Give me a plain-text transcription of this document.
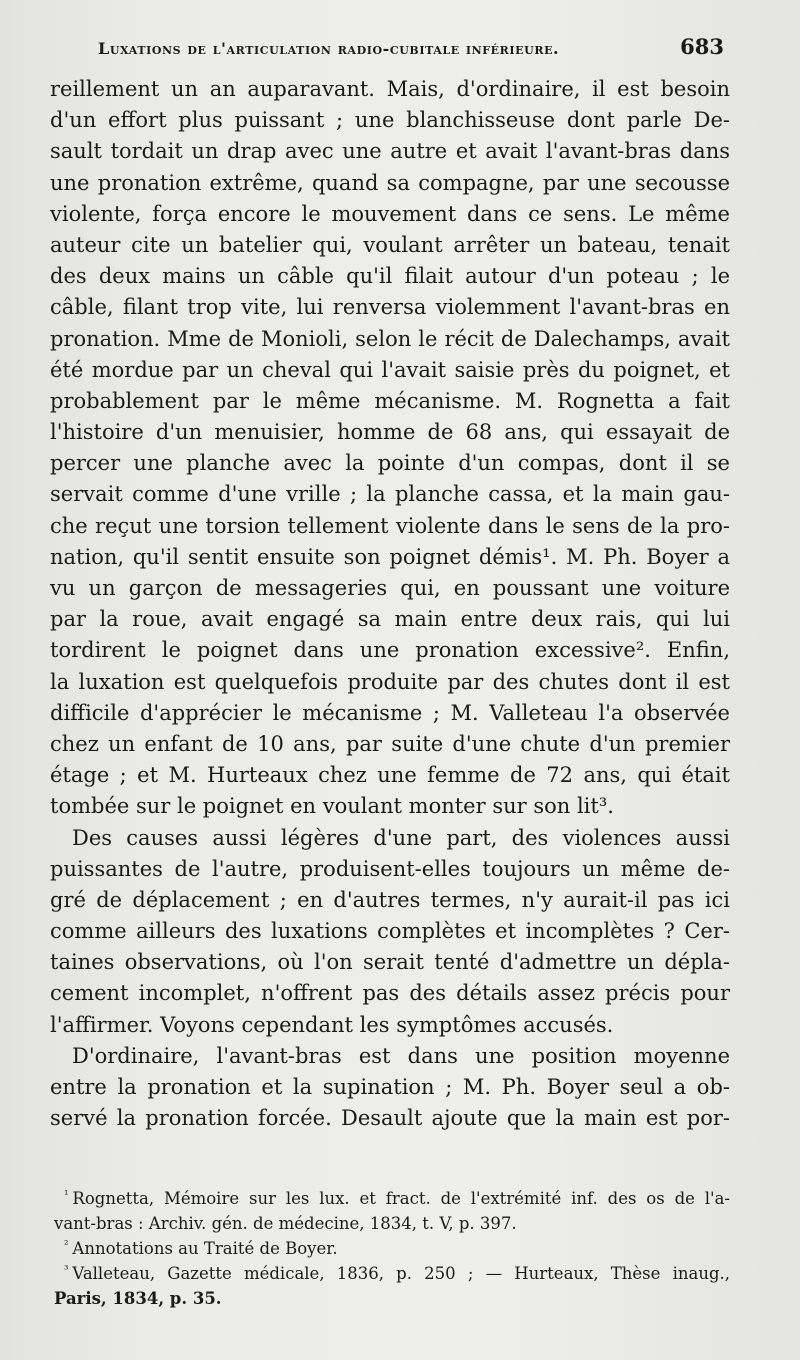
Luxations de l'articulation radio-cubitale inférieure.	683
reillement un an auparavant. Mais, d'ordinaire, il est besoin
d'un effort plus puissant ; une blanchisseuse dont parle De-
sault tordait un drap avec une autre et avait l'avant-bras dans
une pronation extrême, quand sa compagne, par une secousse
violente, força encore le mouvement dans ce sens. Le même
auteur cite un batelier qui, voulant arrêter un bateau, tenait
des deux mains un câble qu'il filait autour d'un poteau ; le
câble, filant trop vite, lui renversa violemment l'avant-bras en
pronation. Mme de Monioli, selon le récit de Dalechamps, avait
été mordue par un cheval qui l'avait saisie près du poignet, et
probablement par le même mécanisme. M. Rognetta a fait
l'histoire d'un menuisier, homme de 68 ans, qui essayait de
percer une planche avec la pointe d'un compas, dont il se
servait comme d'une vrille ; la planche cassa, et la main gau-
che reçut une torsion tellement violente dans le sens de la pro-
nation, qu'il sentit ensuite son poignet démis¹. M. Ph. Boyer a
vu un garçon de messageries qui, en poussant une voiture
par la roue, avait engagé sa main entre deux rais, qui lui
tordirent le poignet dans une pronation excessive². Enfin,
la luxation est quelquefois produite par des chutes dont il est
difficile d'apprécier le mécanisme ; M. Valleteau l'a observée
chez un enfant de 10 ans, par suite d'une chute d'un premier
étage ; et M. Hurteaux chez une femme de 72 ans, qui était
tombée sur le poignet en voulant monter sur son lit³.
Des causes aussi légères d'une part, des violences aussi
puissantes de l'autre, produisent-elles toujours un même de-
gré de déplacement ; en d'autres termes, n'y aurait-il pas ici
comme ailleurs des luxations complètes et incomplètes ? Cer-
taines observations, où l'on serait tenté d'admettre un dépla-
cement incomplet, n'offrent pas des détails assez précis pour
l'affirmer. Voyons cependant les symptômes accusés.
D'ordinaire, l'avant-bras est dans une position moyenne
entre la pronation et la supination ; M. Ph. Boyer seul a ob-
servé la pronation forcée. Desault ajoute que la main est por-
$^{^1}$ Rognetta, Mémoire sur les lux. et fract. de l'extrémité inf. des os de l'a-
vant-bras : Archiv. gén. de médecine, 1834, t. V, p. 397.
$^{^2}$ Annotations au Traité de Boyer.
$^{^3}$ Valleteau, Gazette médicale, 1836, p. 250 ; — Hurteaux, Thèse inaug.,
Paris, 1834, p. 35.
